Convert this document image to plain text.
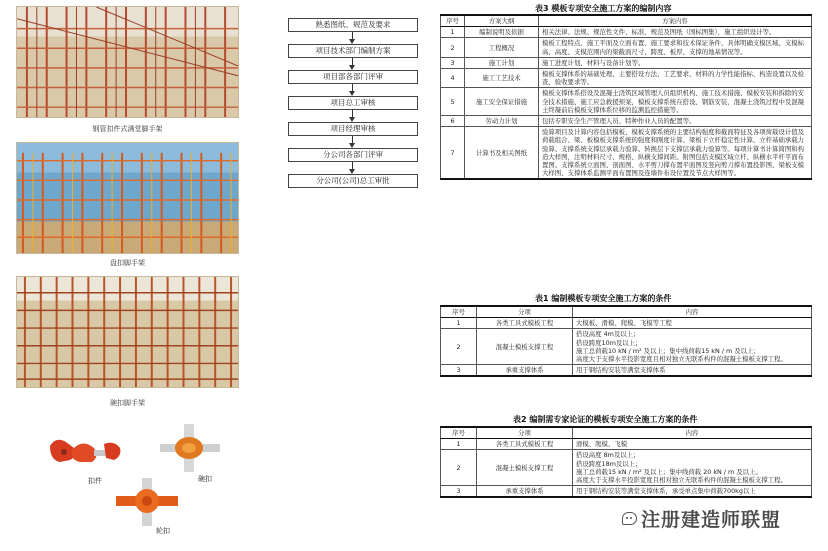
钢管扣件式满堂脚手架
盘扣脚手架
碗扣脚手架
扣件	碗扣
轮扣
熟悉图纸、规范及要求
项目技术部门编制方案
项目部各部门评审
项目总工审核
项目经理审核
分公司各部门评审
分公司(公司)总工审批
表3 模板专项安全施工方案的编制内容
序号	方案大纲	方案内容
1	编制说明及依据	相关法律、法规、规范性文件、标准、规范及图纸（国标图集），施工组织设计等。
2	工程概况	模板工程特点、施工平面及立面布置、施工要求和技术保证条件、具体明确支模区域、支模标高、高度、支模范围内的梁截面尺寸、跨度、板厚、支撑的地基情况等。
3	施工计划	施工进度计划、材料与设备计划等。
4	施工工艺技术	模板支撑体系的基础处理、主要搭设方法、工艺要求、材料的力学性能指标、构造设置以及检查、验收要求等。
5	施工安全保证措施	模板支撑体系搭设及混凝土浇筑区域管理人员组织机构、施工技术措施、模板安装和拆除的安全技术措施、施工应急救援预案，模板支撑系统在搭设、钢筋安装、混凝土浇筑过程中及混凝土终凝前后模板支撑体系位移的监测监控措施等。
6	劳动力计划	包括专职安全生产管理人员、特种作业人员的配置等。
7	计算书及相关图纸	验算项目及计算内容包括模板、模板支撑系统的主要结构强度和截面特征及各项荷载设计值及荷载组合、梁、板模板支撑系统的强度和刚度计算、梁板下立杆稳定性计算、立杆基础承载力验算、支撑系统支撑层承载力验算、转换层下支撑层承载力验算等。每项计算书计算简图和构造大样图，注明材料尺寸、规格、纵横支撑间距。附图包括支模区域立杆、纵横水平杆平面布置图、支撑系统立面图、剖面图、水平剪刀撑布置平面图及竖向剪刀撑布置投影图、梁板支模大样图、支撑体系监测平面布置图及连墙件布设位置及节点大样图等。
表1 编制模板专项安全施工方案的条件
序号	分项	内容
1	各类工具式模板工程	大模板、滑模、爬模、飞模等工程
2	混凝土模板支撑工程	搭设高度 4m及以上；
搭设跨度10m及以上；
施工总荷载10 kN / m² 及以上；集中线荷载15 kN / m 及以上；
高度大于支撑水平投影宽度且相对独立无联系构件的混凝土模板支撑工程。
3	承重支撑体系	用于钢结构安装等满堂支撑体系
表2 编制需专家论证的模板专项安全施工方案的条件
序号	分项	内容
1	各类工具式模板工程	滑模、爬模、飞模
2	混凝土模板支撑工程	搭设高度 8m及以上；
搭设跨度18m及以上；
施工总荷载15 kN / m² 及以上；集中线荷载 20 kN / m 及以上。
高度大于支撑水平投影宽度且相对独立无联系构件的混凝土模板支撑工程。
3	承重支撑体系	用于钢结构安装等满堂支撑体系，承受单点集中荷载700kg以上
注册建造师联盟
